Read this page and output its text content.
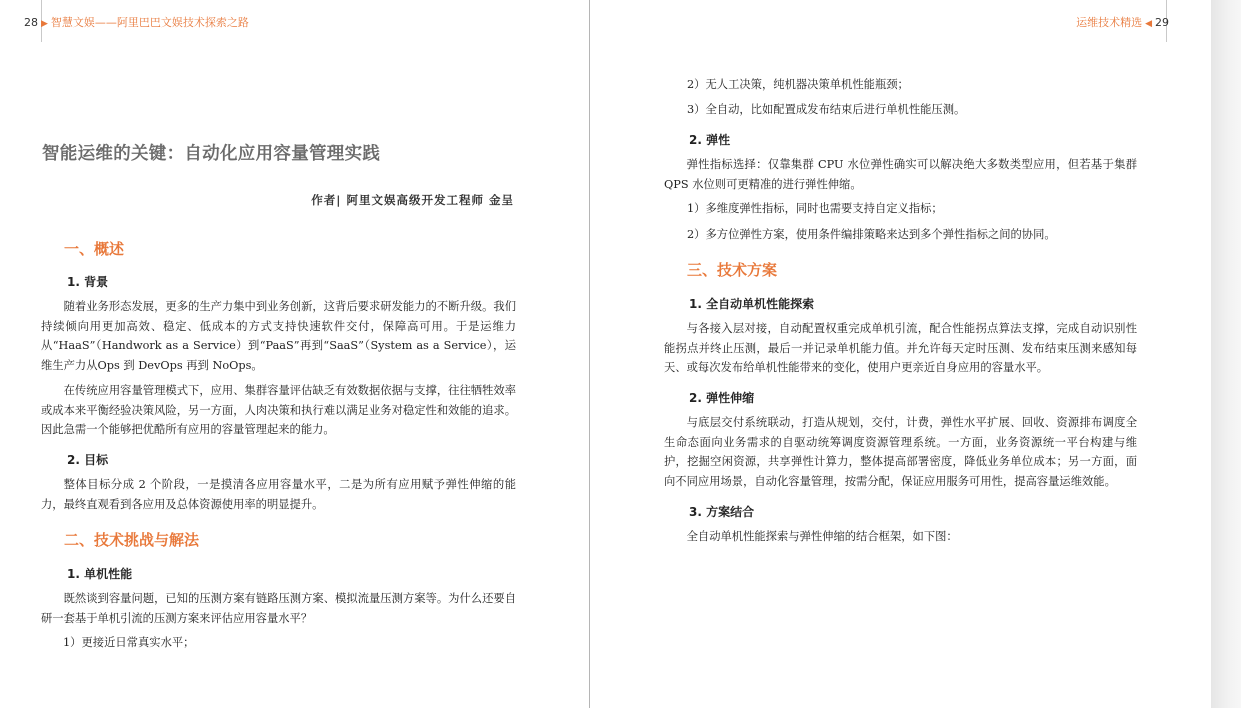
28 ▶ 智慧文娱——阿里巴巴文娱技术探索之路
智能运维的关键：自动化应用容量管理实践
作者| 阿里文娱高级开发工程师 金呈
一、概述
1. 背景

随着业务形态发展，更多的生产力集中到业务创新，这背后要求研发能力的不断升级。我们持续倾向用更加高效、稳定、低成本的方式支持快速软件交付，保障高可用。于是运维力从“HaaS”（Handwork as a Service）到“PaaS”再到“SaaS”（System as a Service），运维生产力从Ops 到 DevOps 再到 NoOps。

在传统应用容量管理模式下，应用、集群容量评估缺乏有效数据依据与支撑，往往牺牲效率或成本来平衡经验决策风险，另一方面，人肉决策和执行难以满足业务对稳定性和效能的追求。因此急需一个能够把优酷所有应用的容量管理起来的能力。

2. 目标

整体目标分成 2 个阶段，一是摸清各应用容量水平，二是为所有应用赋予弹性伸缩的能力，最终直观看到各应用及总体资源使用率的明显提升。

二、技术挑战与解法
1. 单机性能

既然谈到容量问题，已知的压测方案有链路压测方案、模拟流量压测方案等。为什么还要自研一套基于单机引流的压测方案来评估应用容量水平？

1）更接近日常真实水平；

运维技术精选 ◀ 29

2）无人工决策，纯机器决策单机性能瓶颈；

3）全自动，比如配置成发布结束后进行单机性能压测。

2. 弹性

弹性指标选择：仅靠集群 CPU 水位弹性确实可以解决绝大多数类型应用，但若基于集群 QPS 水位则可更精准的进行弹性伸缩。

1）多维度弹性指标，同时也需要支持自定义指标；

2）多方位弹性方案，使用条件编排策略来达到多个弹性指标之间的协同。

三、技术方案
1. 全自动单机性能探索

与各接入层对接，自动配置权重完成单机引流，配合性能拐点算法支撑，完成自动识别性能拐点并终止压测，最后一并记录单机能力值。并允许每天定时压测、发布结束压测来感知每天、或每次发布给单机性能带来的变化，使用户更亲近自身应用的容量水平。

2. 弹性伸缩

与底层交付系统联动，打造从规划，交付，计费，弹性水平扩展、回收、资源排布调度全生命态面向业务需求的自驱动统筹调度资源管理系统。一方面，业务资源统一平台构建与维护，挖掘空闲资源，共享弹性计算力，整体提高部署密度，降低业务单位成本；另一方面，面向不同应用场景，自动化容量管理，按需分配，保证应用服务可用性，提高容量运维效能。

3. 方案结合

全自动单机性能探索与弹性伸缩的结合框架，如下图：
